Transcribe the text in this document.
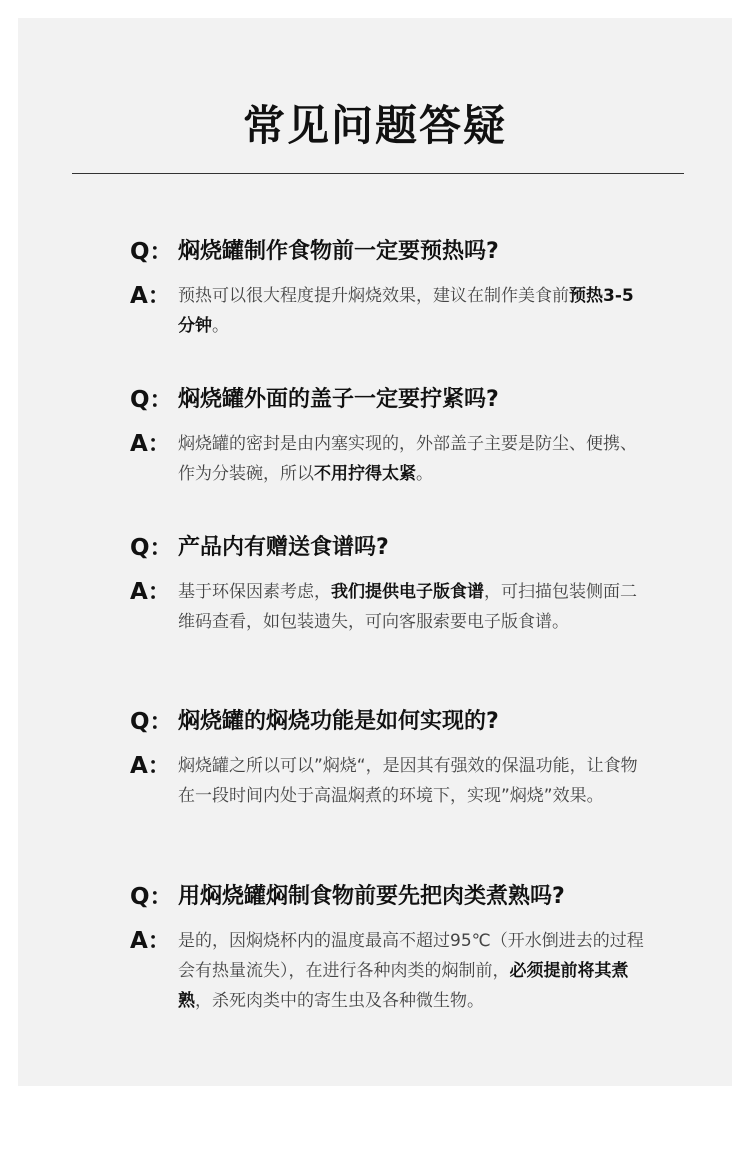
常见问题答疑
Q： 焖烧罐制作食物前一定要预热吗?
A： 预热可以很大程度提升焖烧效果，建议在制作美食前预热3-5分钟。
Q： 焖烧罐外面的盖子一定要拧紧吗?
A： 焖烧罐的密封是由内塞实现的，外部盖子主要是防尘、便携、作为分装碗，所以不用拧得太紧。
Q： 产品内有赠送食谱吗?
A： 基于环保因素考虑，我们提供电子版食谱，可扫描包装侧面二维码查看，如包装遗失，可向客服索要电子版食谱。
Q： 焖烧罐的焖烧功能是如何实现的?
A： 焖烧罐之所以可以”焖烧“，是因其有强效的保温功能，让食物在一段时间内处于高温焖煮的环境下，实现”焖烧”效果。
Q： 用焖烧罐焖制食物前要先把肉类煮熟吗?
A： 是的，因焖烧杯内的温度最高不超过95℃（开水倒进去的过程会有热量流失），在进行各种肉类的焖制前，必须提前将其煮熟，杀死肉类中的寄生虫及各种微生物。
